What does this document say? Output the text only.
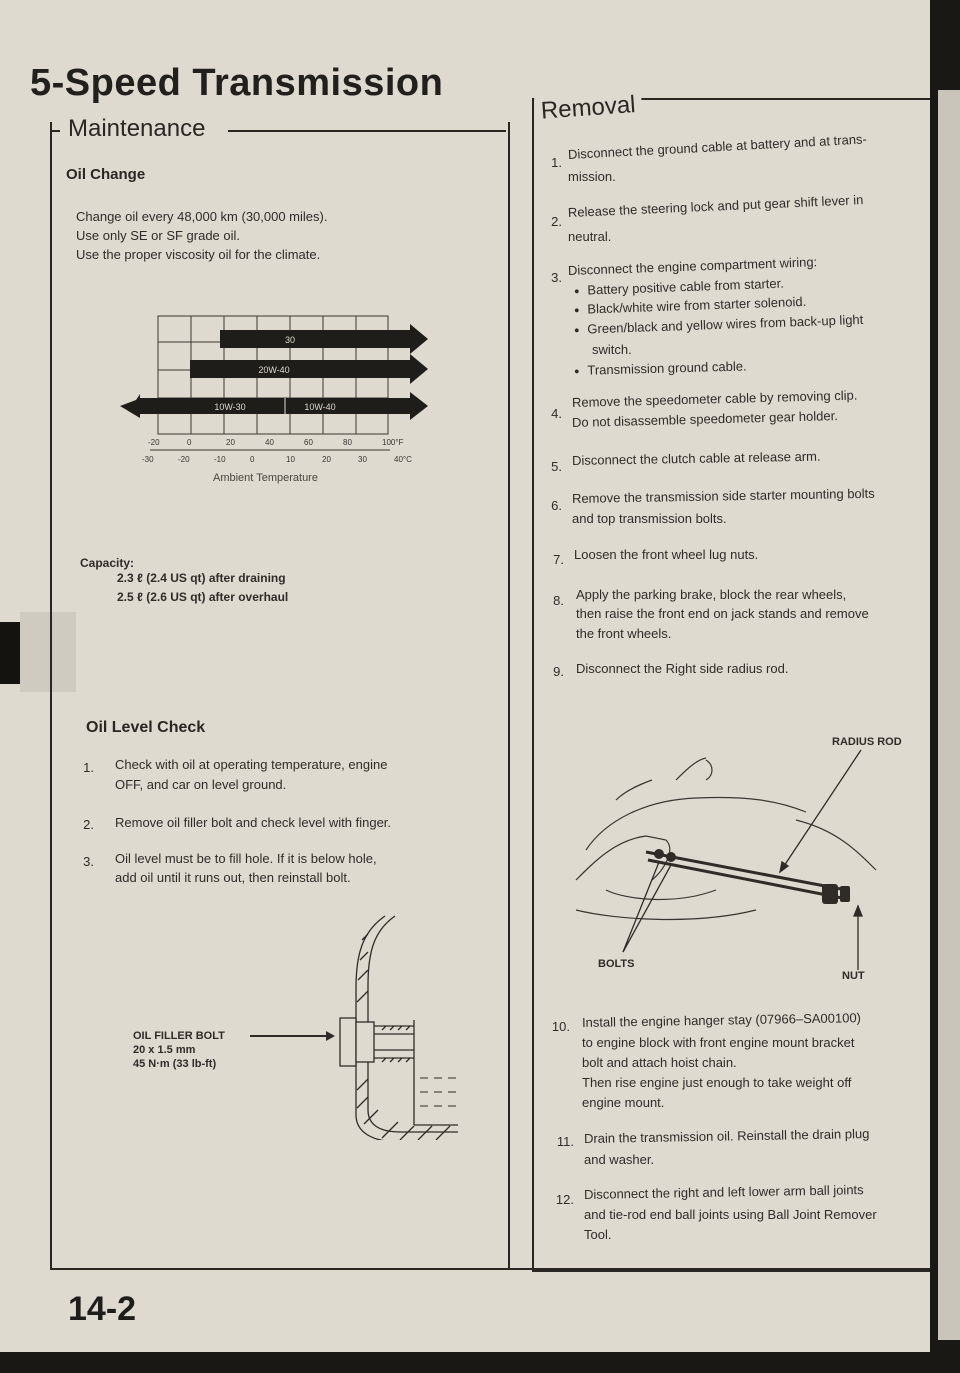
5-Speed Transmission
Maintenance
Oil Change
Change oil every 48,000 km (30,000 miles).
Use only SE or SF grade oil.
Use the proper viscosity oil for the climate.
30
20W-40
10W-30	10W-40
-20	0	20	40	60	80	100°F
-30	-20	-10	0	10	20	30	40°C
Ambient Temperature
Capacity:
2.3 ℓ (2.4 US qt) after draining
2.5 ℓ (2.6 US qt) after overhaul
Oil Level Check
1. Check with oil at operating temperature, engine
OFF, and car on level ground.
2. Remove oil filler bolt and check level with finger.
3. Oil level must be to fill hole. If it is below hole,
add oil until it runs out, then reinstall bolt.
OIL FILLER BOLT
20 x 1.5 mm
45 N·m (33 lb-ft)
Removal
1.
Disconnect the ground cable at battery and at trans-
mission.
2.
Release the steering lock and put gear shift lever in
neutral.
3. Disconnect the engine compartment wiring:
● Battery positive cable from starter.
● Black/white wire from starter solenoid.
● Green/black and yellow wires from back-up light
switch.
● Transmission ground cable.
4.
Remove the speedometer cable by removing clip.
Do not disassemble speedometer gear holder.
5. Disconnect the clutch cable at release arm.
6. Remove the transmission side starter mounting bolts
and top transmission bolts.
7. Loosen the front wheel lug nuts.
8. Apply the parking brake, block the rear wheels,
then raise the front end on jack stands and remove
the front wheels.
9. Disconnect the Right side radius rod.
RADIUS ROD
BOLTS
NUT
10. Install the engine hanger stay (07966–SA00100)
to engine block with front engine mount bracket
bolt and attach hoist chain.
Then rise engine just enough to take weight off
engine mount.
11. Drain the transmission oil. Reinstall the drain plug
and washer.
12. Disconnect the right and left lower arm ball joints
and tie-rod end ball joints using Ball Joint Remover
Tool.
14-2
